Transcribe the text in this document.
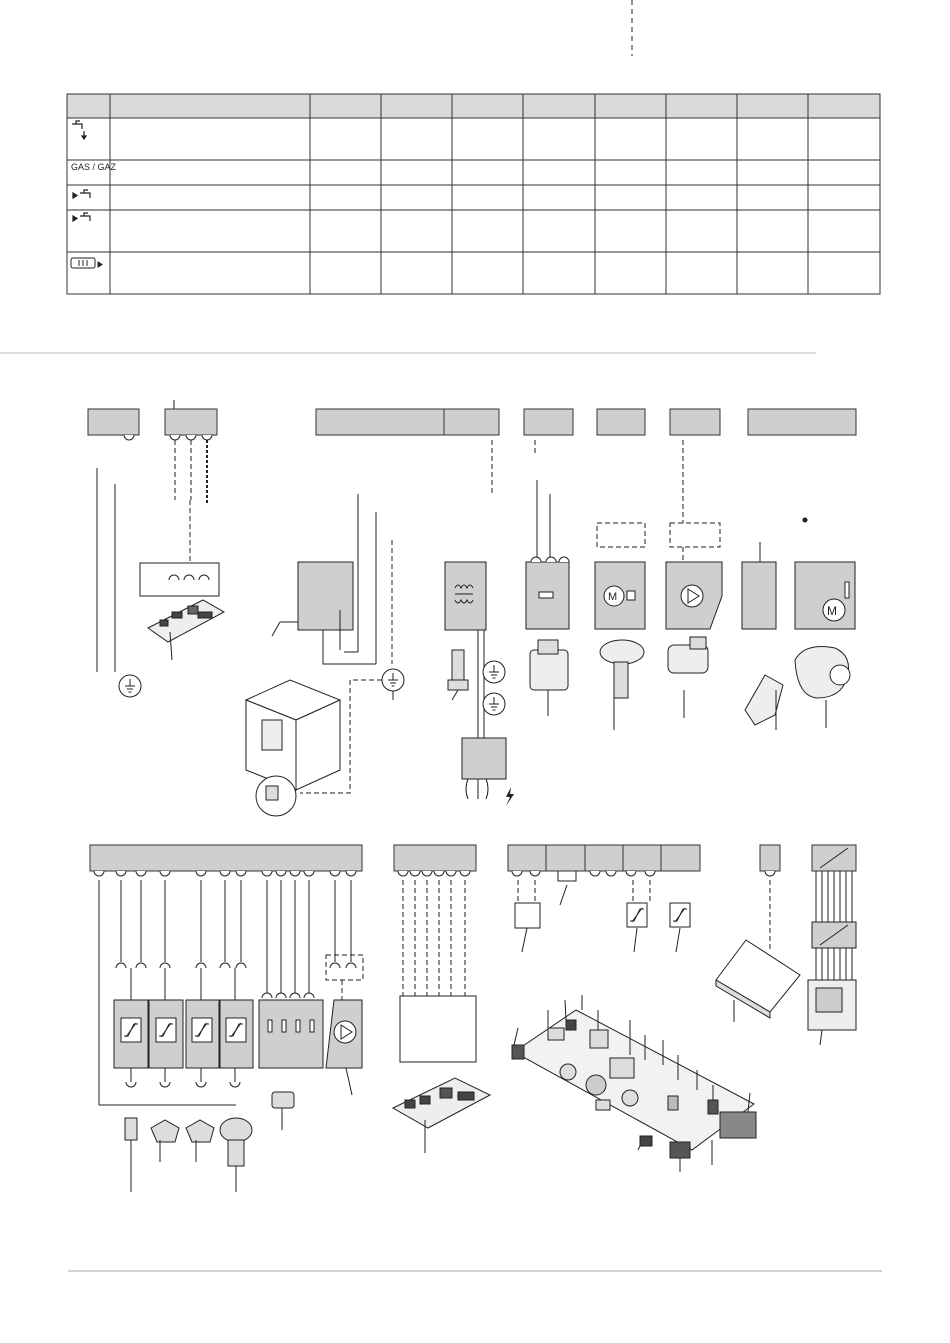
GAS / GAZ
M
M
